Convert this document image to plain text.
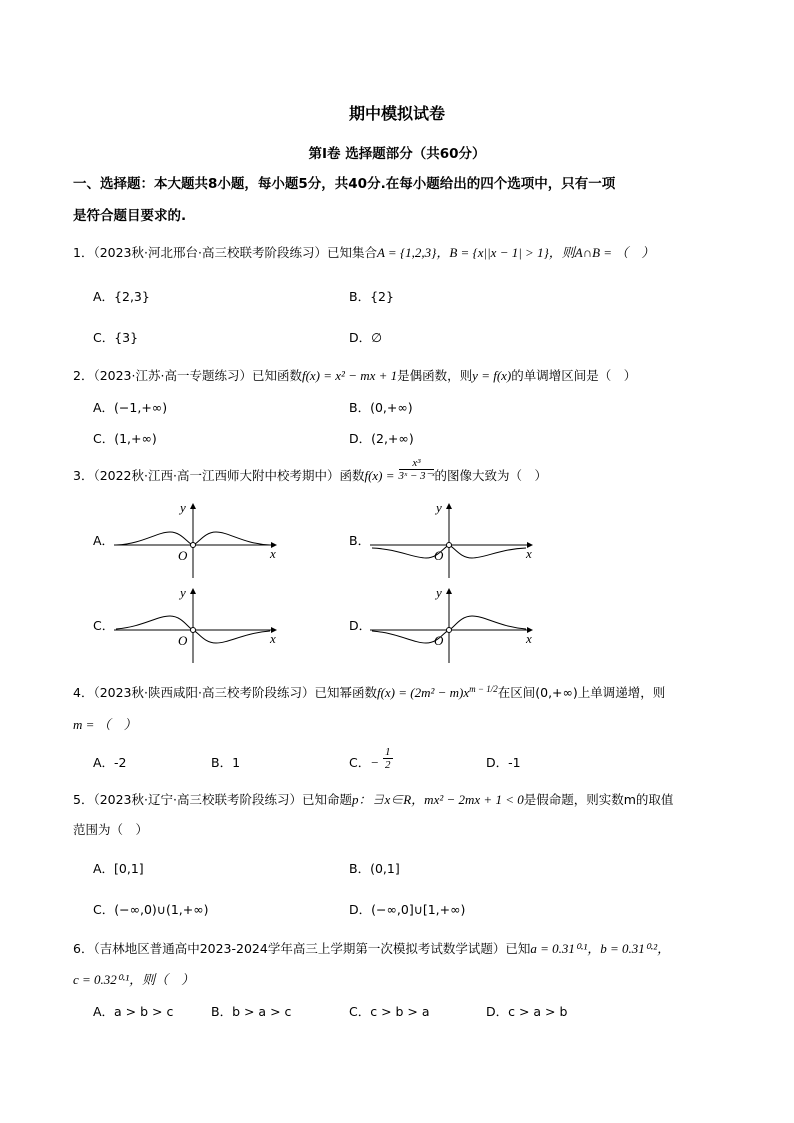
期中模拟试卷
第Ⅰ卷 选择题部分（共60分）
一、选择题：本大题共8小题，每小题5分，共40分.在每小题给出的四个选项中，只有一项
是符合题目要求的.
1．（2023秋·河北邢台·高三校联考阶段练习）已知集合A = {1,2,3}，B = {x||x − 1| > 1}，则A∩B = （　）
A．{2,3}	B．{2}
C．{3}	D．∅
2．（2023·江苏·高一专题练习）已知函数f(x) = x² − mx + 1是偶函数，则y = f(x)的单调增区间是（　）
A．(−1,+∞)	B．(0,+∞)
C．(1,+∞)	D．(2,+∞)
3．（2022秋·江西·高一江西师大附中校考期中）函数$f(x) = \frac{\text{x³}}{\text{3ˣ − 3⁻ˣ}}$ 的图像大致为（　）
A．	B．
C．	D．
y
x
O
y
x
O
y
x
O
y
x
O
4．（2023秋·陕西咸阳·高三校考阶段练习）已知幂函数$f(x) = (2m^2 - m)x^{m - 1/2}$在区间(0,+∞)上单调递增，则
m = （　）
A．-2	B．1	C．− $\frac{1}{2}$	D．-1
5．（2023秋·辽宁·高三校联考阶段练习）已知命题p：∃x∈R，mx² − 2mx + 1 < 0是假命题，则实数m的取值
范围为（　）
A．[0,1]	B．(0,1]
C．(−∞,0)∪(1,+∞)	D．(−∞,0]∪[1,+∞)
6．（吉林地区普通高中2023-2024学年高三上学期第一次模拟考试数学试题）已知a = 0.31⁰·¹，b = 0.31⁰·²，
c = 0.32⁰·¹，则（　）
A．a > b > c	B．b > a > c	C．c > b > a	D．c > a > b
